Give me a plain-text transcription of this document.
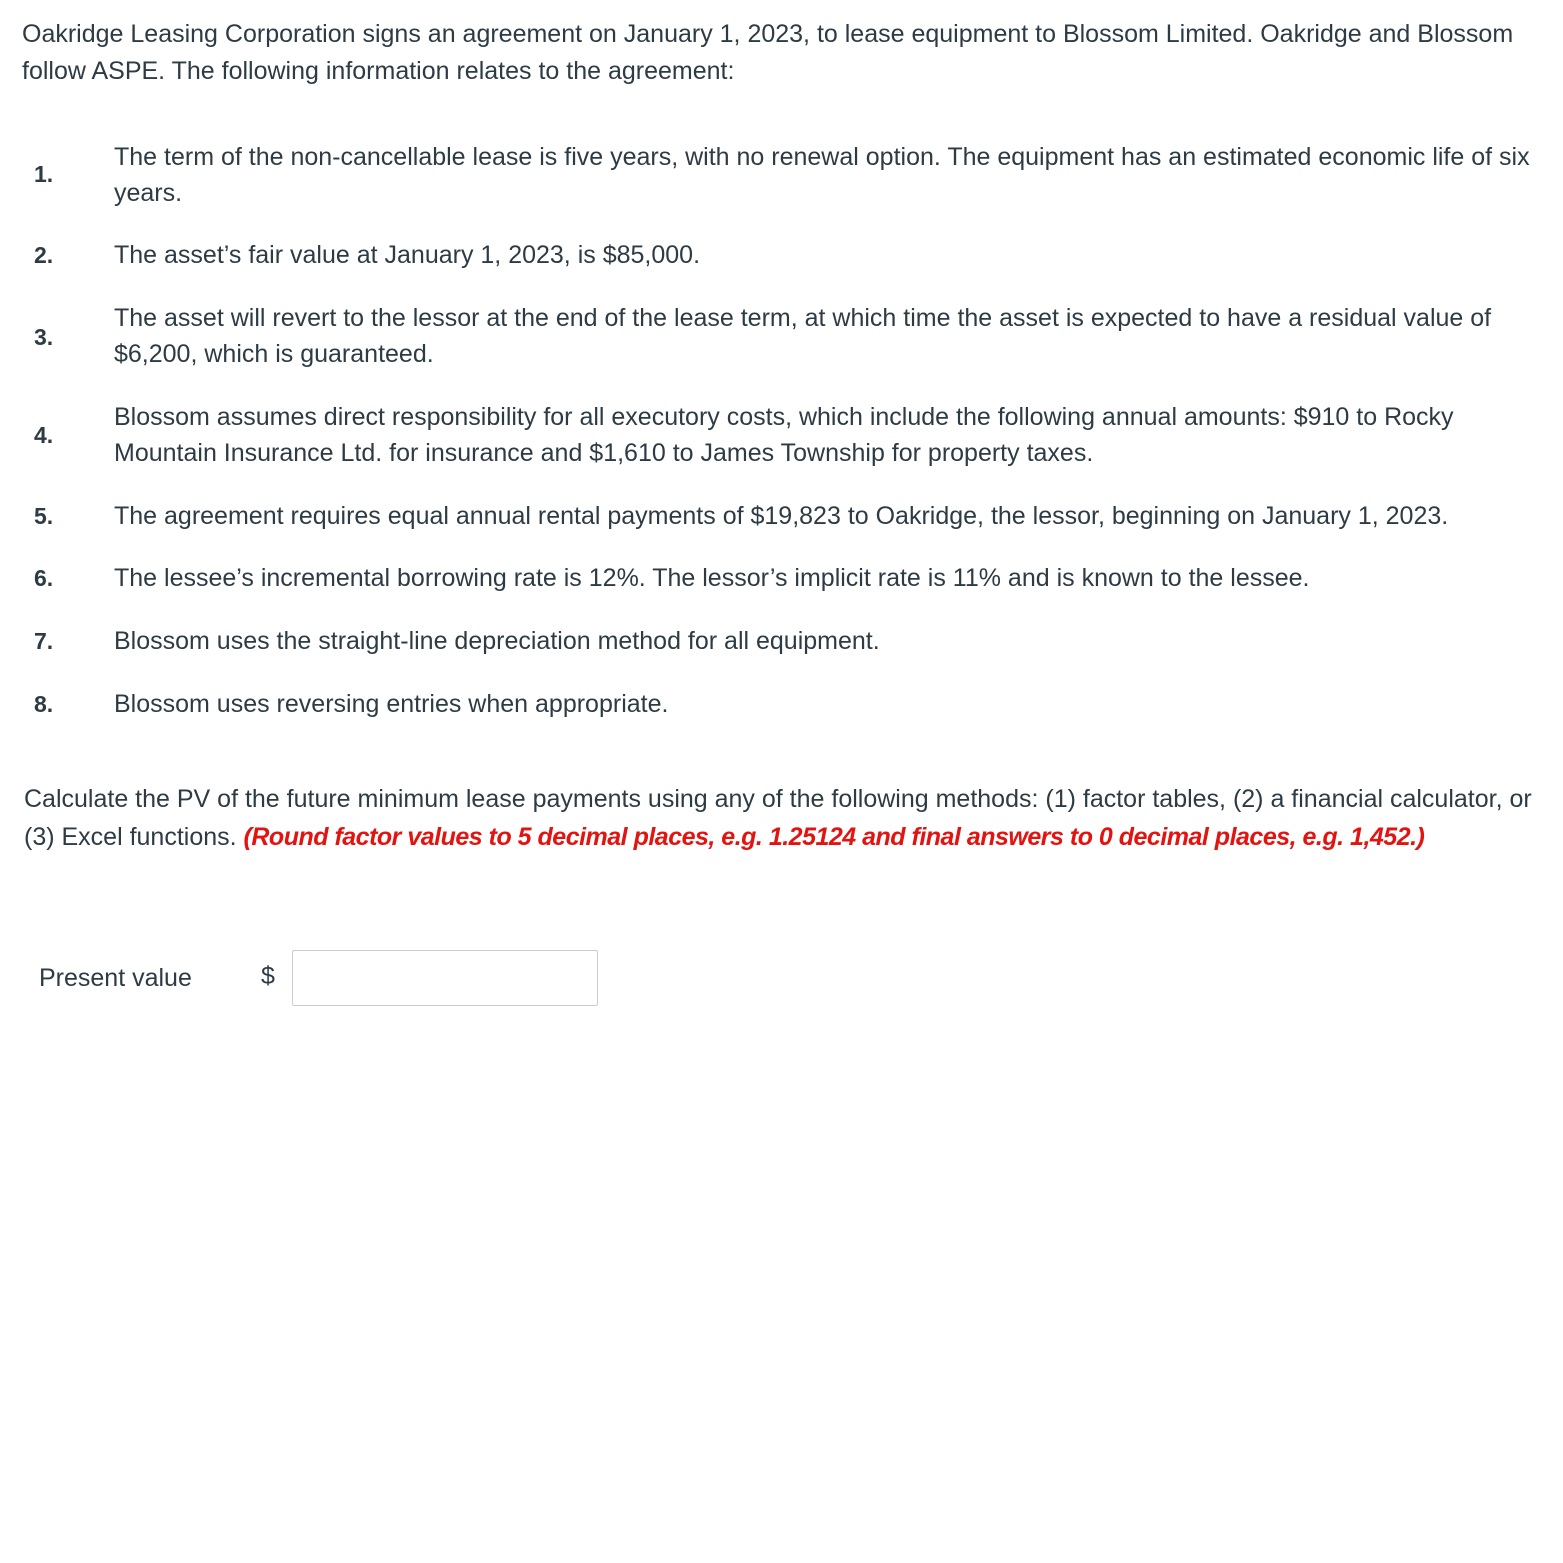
Oakridge Leasing Corporation signs an agreement on January 1, 2023, to lease equipment to Blossom Limited. Oakridge and Blossom follow ASPE. The following information relates to the agreement:

1.

The term of the non-cancellable lease is five years, with no renewal option. The equipment has an estimated economic life of six years.

2. The asset’s fair value at January 1, 2023, is $85,000.

3.

The asset will revert to the lessor at the end of the lease term, at which time the asset is expected to have a residual value of $6,200, which is guaranteed.

4.

Blossom assumes direct responsibility for all executory costs, which include the following annual amounts: $910 to Rocky Mountain Insurance Ltd. for insurance and $1,610 to James Township for property taxes.

5. The agreement requires equal annual rental payments of $19,823 to Oakridge, the lessor, beginning on January 1, 2023.

6. The lessee’s incremental borrowing rate is 12%. The lessor’s implicit rate is 11% and is known to the lessee.

7. Blossom uses the straight-line depreciation method for all equipment.

8. Blossom uses reversing entries when appropriate.

Calculate the PV of the future minimum lease payments using any of the following methods: (1) factor tables, (2) a financial calculator, or (3) Excel functions. (Round factor values to 5 decimal places, e.g. 1.25124 and final answers to 0 decimal places, e.g. 1,452.)

Present value	$
